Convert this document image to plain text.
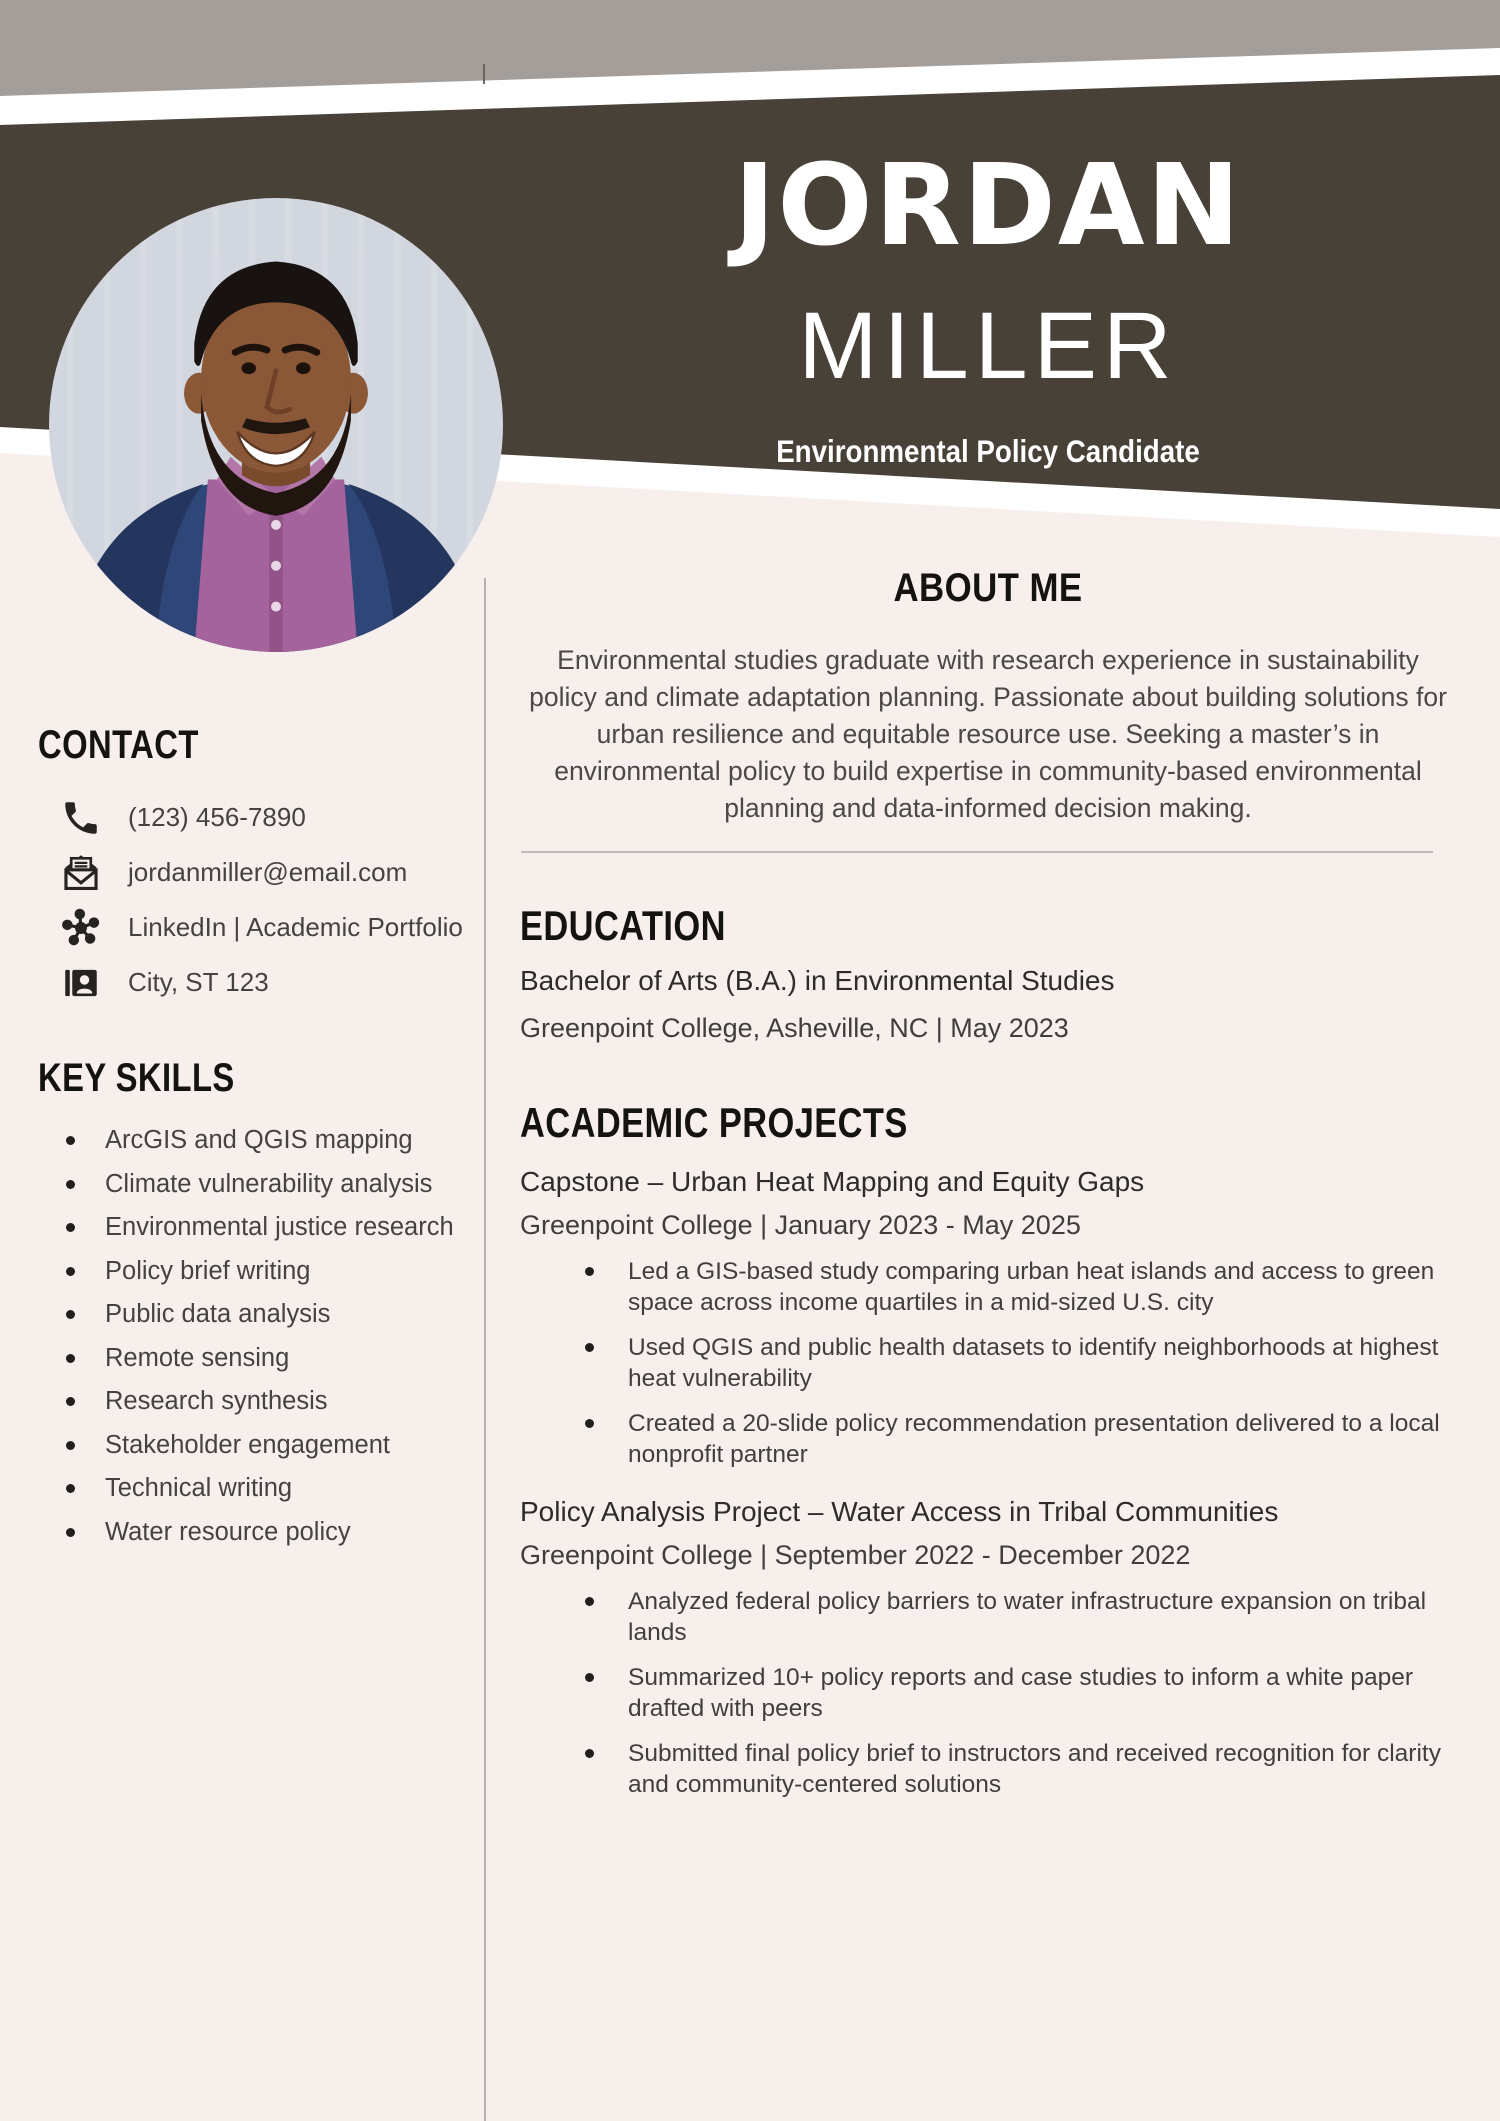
JORDAN
MILLER
Environmental Policy Candidate
CONTACT
(123) 456-7890
jordanmiller@email.com
LinkedIn | Academic Portfolio
City, ST 123
KEY SKILLS
ArcGIS and QGIS mapping
Climate vulnerability analysis
Environmental justice research
Policy brief writing
Public data analysis
Remote sensing
Research synthesis
Stakeholder engagement
Technical writing
Water resource policy
ABOUT ME

Environmental studies graduate with research experience in sustainability policy and climate adaptation planning. Passionate about building solutions for urban resilience and equitable resource use. Seeking a master’s in environmental policy to build expertise in community-based environmental planning and data-informed decision making.

EDUCATION
Bachelor of Arts (B.A.) in Environmental Studies
Greenpoint College, Asheville, NC | May 2023
ACADEMIC PROJECTS
Capstone – Urban Heat Mapping and Equity Gaps
Greenpoint College | January 2023 - May 2025
Led a GIS-based study comparing urban heat islands and access to green space across income quartiles in a mid-sized U.S. city
Used QGIS and public health datasets to identify neighborhoods at highest heat vulnerability
Created a 20-slide policy recommendation presentation delivered to a local nonprofit partner
Policy Analysis Project – Water Access in Tribal Communities
Greenpoint College | September 2022 - December 2022
Analyzed federal policy barriers to water infrastructure expansion on tribal lands
Summarized 10+ policy reports and case studies to inform a white paper drafted with peers
Submitted final policy brief to instructors and received recognition for clarity and community-centered solutions
